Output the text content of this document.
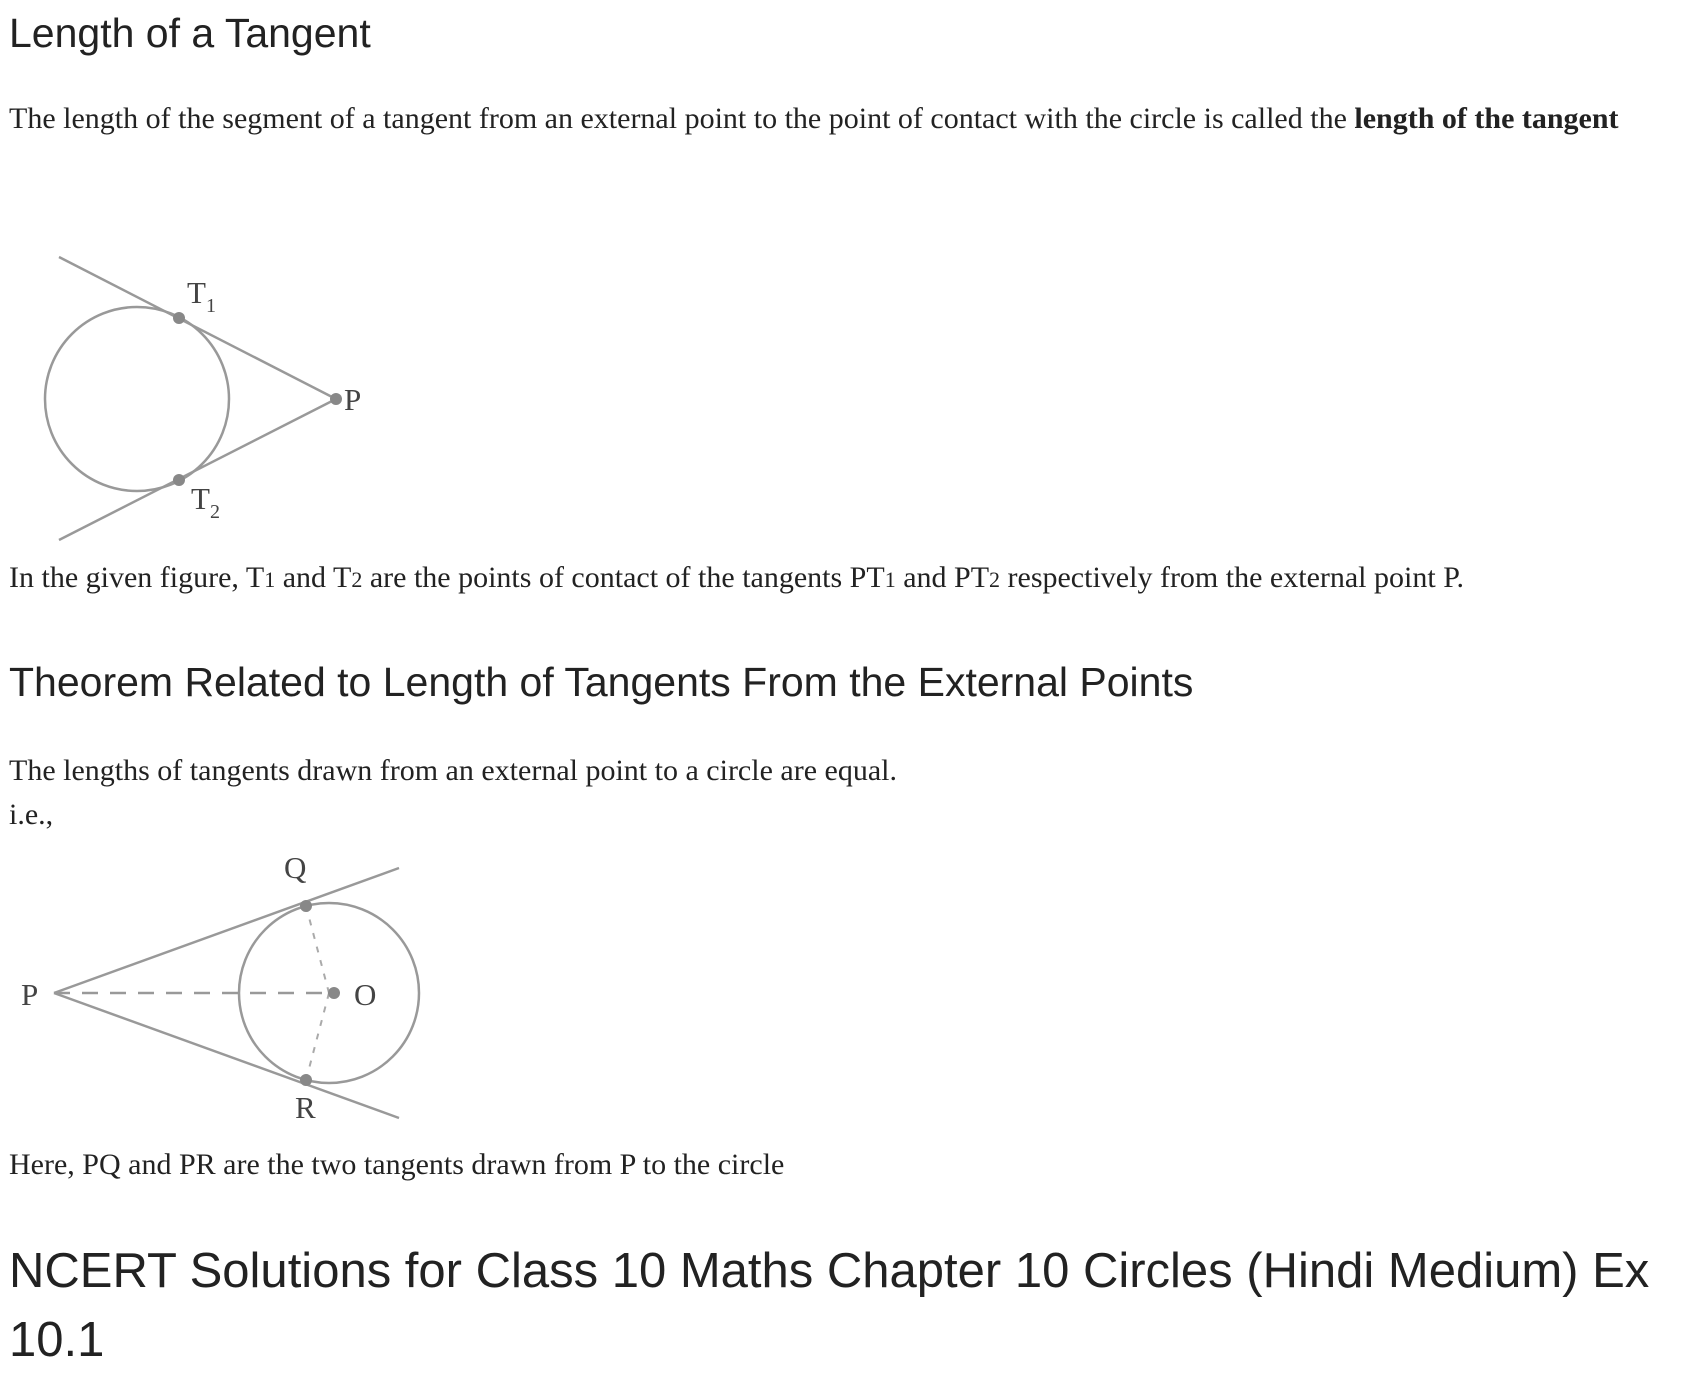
Length of a Tangent

The length of the segment of a tangent from an external point to the point of contact with the circle is called the length of the tangent

$T_1$
$T_2$
P

In the given figure, T1 and T2 are the points of contact of the tangents PT1 and PT2 respectively from the external point P.

Theorem Related to Length of Tangents From the External Points

The lengths of tangents drawn from an external point to a circle are equal.

i.e.,

Q
P	O
R

Here, PQ and PR are the two tangents drawn from P to the circle

NCERT Solutions for Class 10 Maths Chapter 10 Circles (Hindi Medium) Ex 10.1
